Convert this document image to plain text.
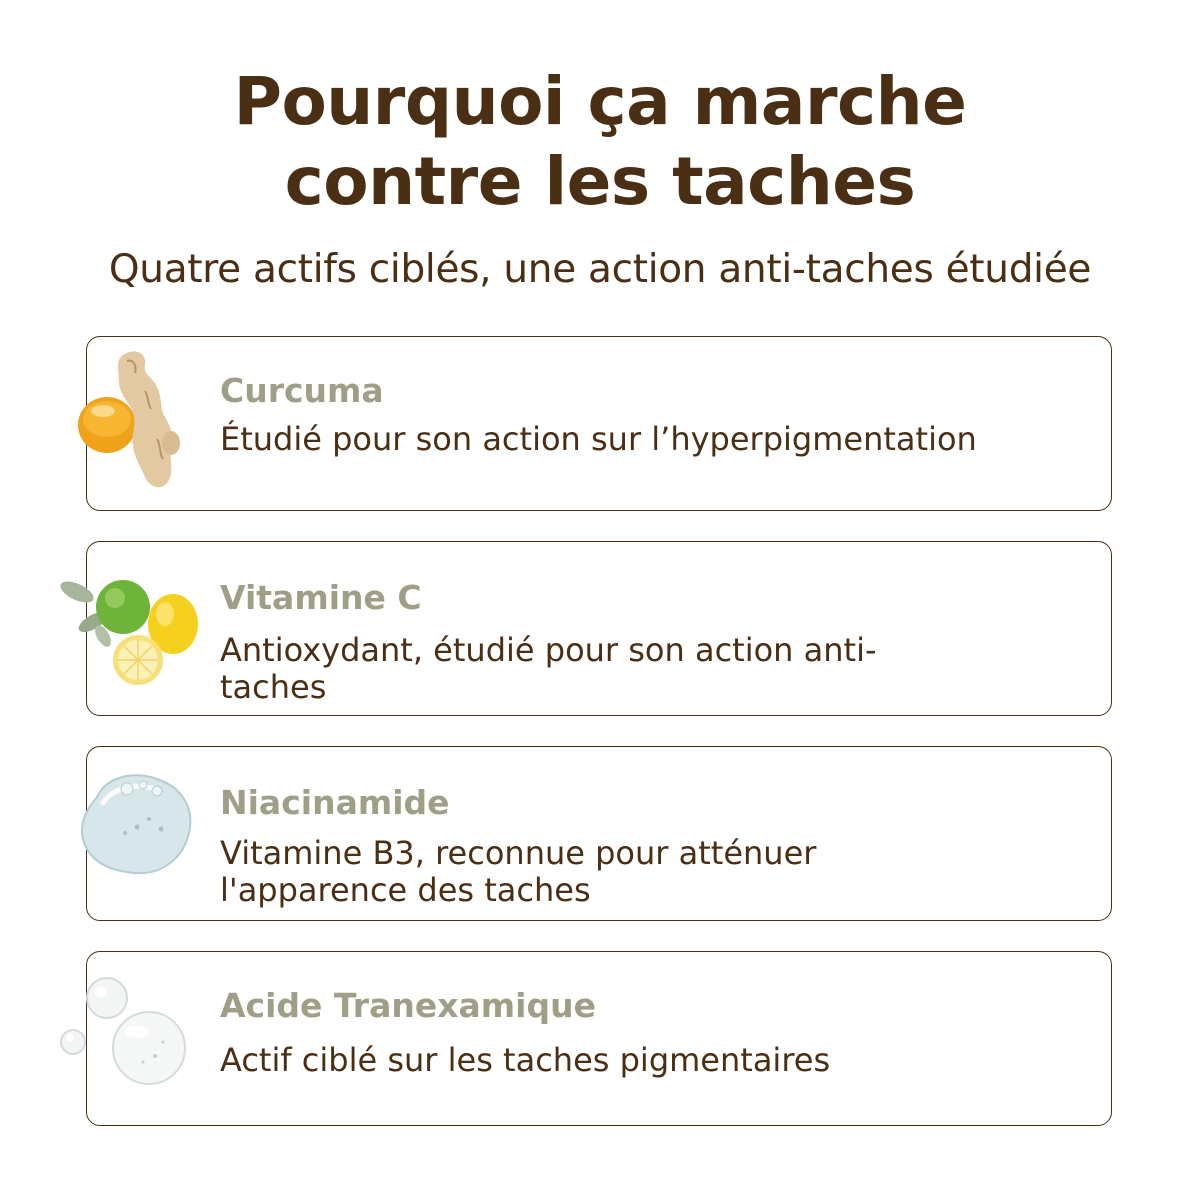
Pourquoi ça marche
contre les taches
Quatre actifs ciblés, une action anti-taches étudiée
Curcuma
Étudié pour son action sur l’hyperpigmentation
Vitamine C
Antioxydant, étudié pour son action anti-taches
Niacinamide
Vitamine B3, reconnue pour atténuer l'apparence des taches
Acide Tranexamique
Actif ciblé sur les taches pigmentaires
